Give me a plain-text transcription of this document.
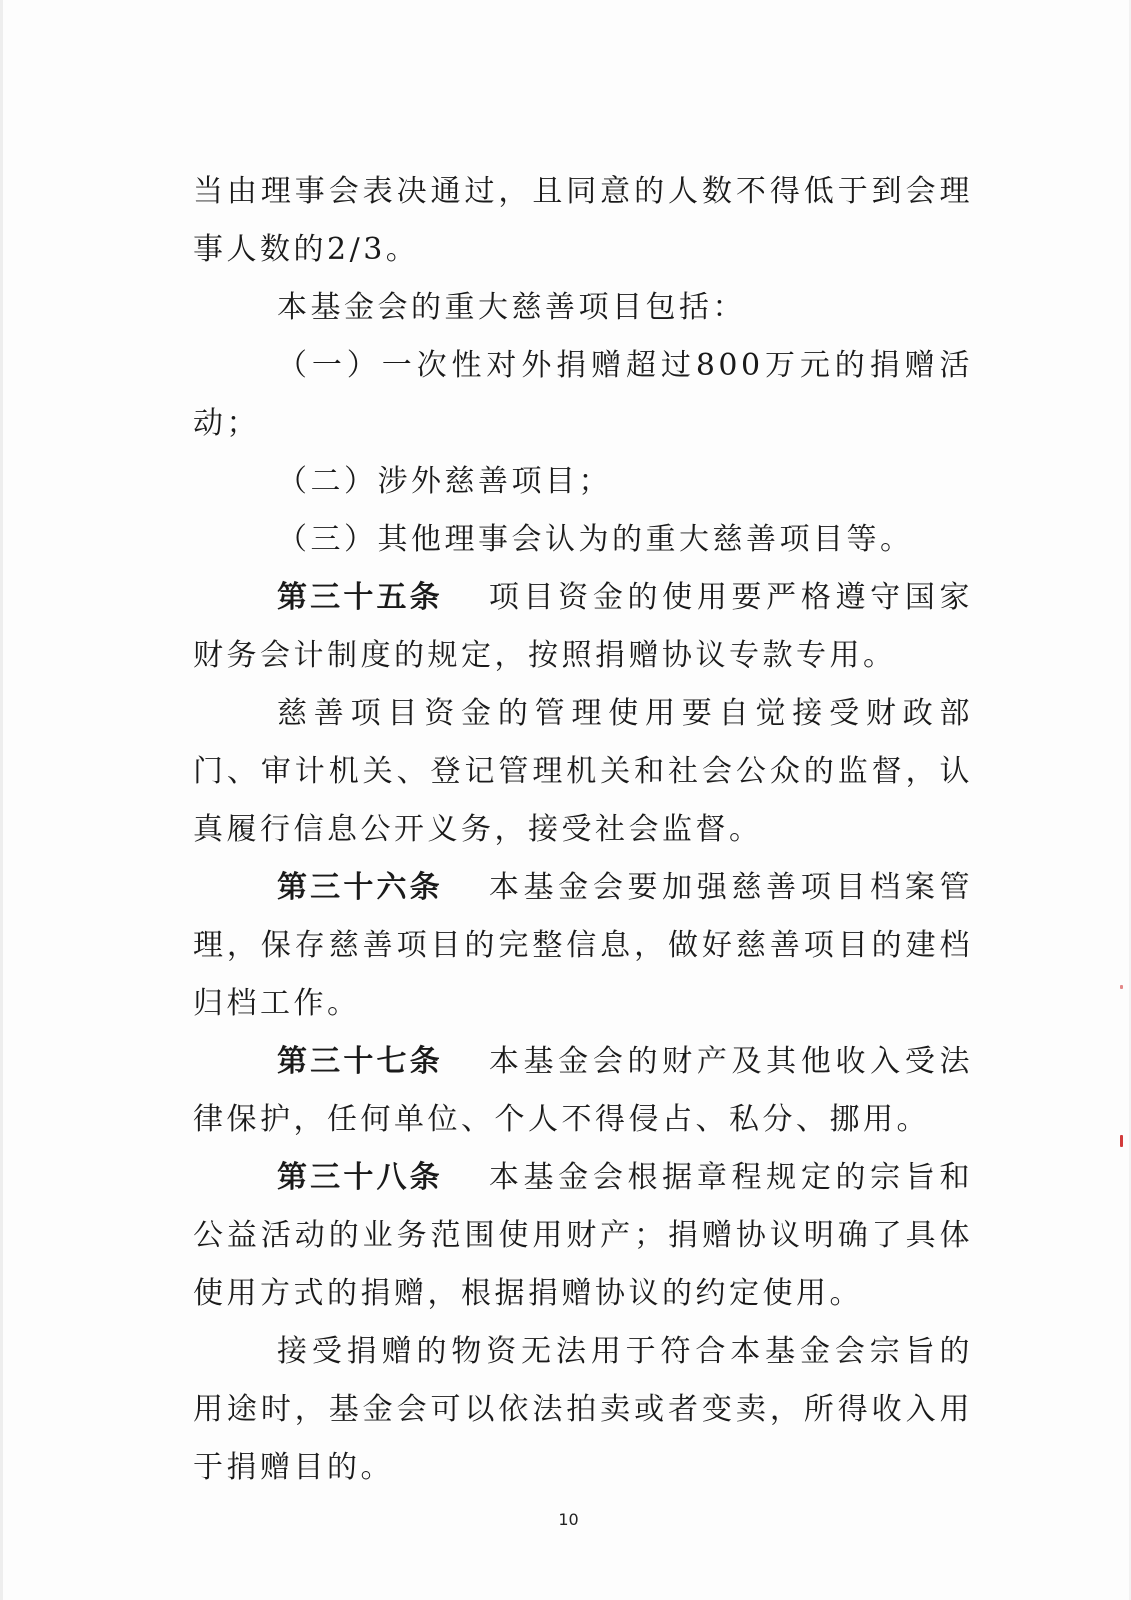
当由理事会表决通过，且同意的人数不得低于到会理事人数的2/3。

本基金会的重大慈善项目包括：

（一）一次性对外捐赠超过800万元的捐赠活动；

（二）涉外慈善项目；

（三）其他理事会认为的重大慈善项目等。

第三十五条 项目资金的使用要严格遵守国家财务会计制度的规定，按照捐赠协议专款专用。

慈善项目资金的管理使用要自觉接受财政部门、审计机关、登记管理机关和社会公众的监督，认真履行信息公开义务，接受社会监督。

第三十六条 本基金会要加强慈善项目档案管理，保存慈善项目的完整信息，做好慈善项目的建档归档工作。

第三十七条 本基金会的财产及其他收入受法律保护，任何单位、个人不得侵占、私分、挪用。

第三十八条 本基金会根据章程规定的宗旨和公益活动的业务范围使用财产；捐赠协议明确了具体使用方式的捐赠，根据捐赠协议的约定使用。

接受捐赠的物资无法用于符合本基金会宗旨的用途时，基金会可以依法拍卖或者变卖，所得收入用于捐赠目的。

10
